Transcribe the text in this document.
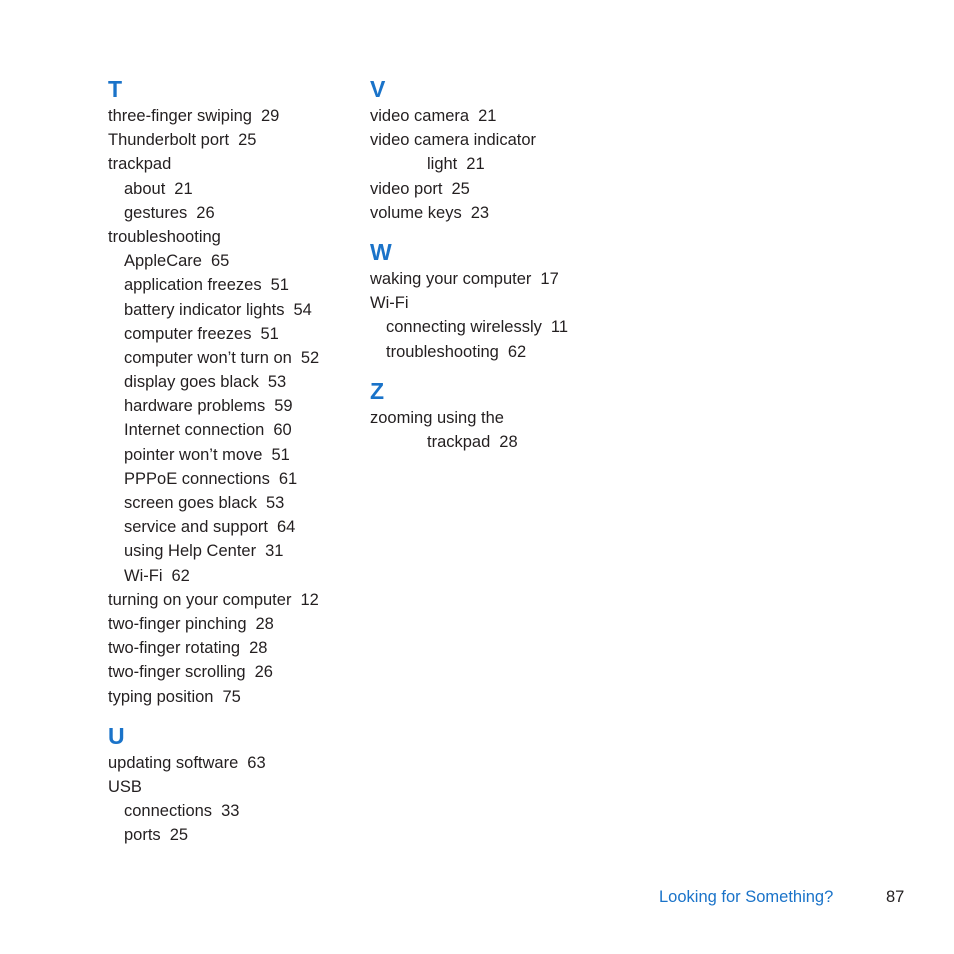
T
three-finger swiping 29
Thunderbolt port 25
trackpad
about 21
gestures 26
troubleshooting
AppleCare 65
application freezes 51
battery indicator lights 54
computer freezes 51
computer won’t turn on 52
display goes black 53
hardware problems 59
Internet connection 60
pointer won’t move 51
PPPoE connections 61
screen goes black 53
service and support 64
using Help Center 31
Wi-Fi 62
turning on your computer 12
two-finger pinching 28
two-finger rotating 28
two-finger scrolling 26
typing position 75
U
updating software 63
USB
connections 33
ports 25
V
video camera 21
video camera indicator
light 21
video port 25
volume keys 23
W
waking your computer 17
Wi-Fi
connecting wirelessly 11
troubleshooting 62
Z
zooming using the
trackpad 28
Looking for Something?	87
